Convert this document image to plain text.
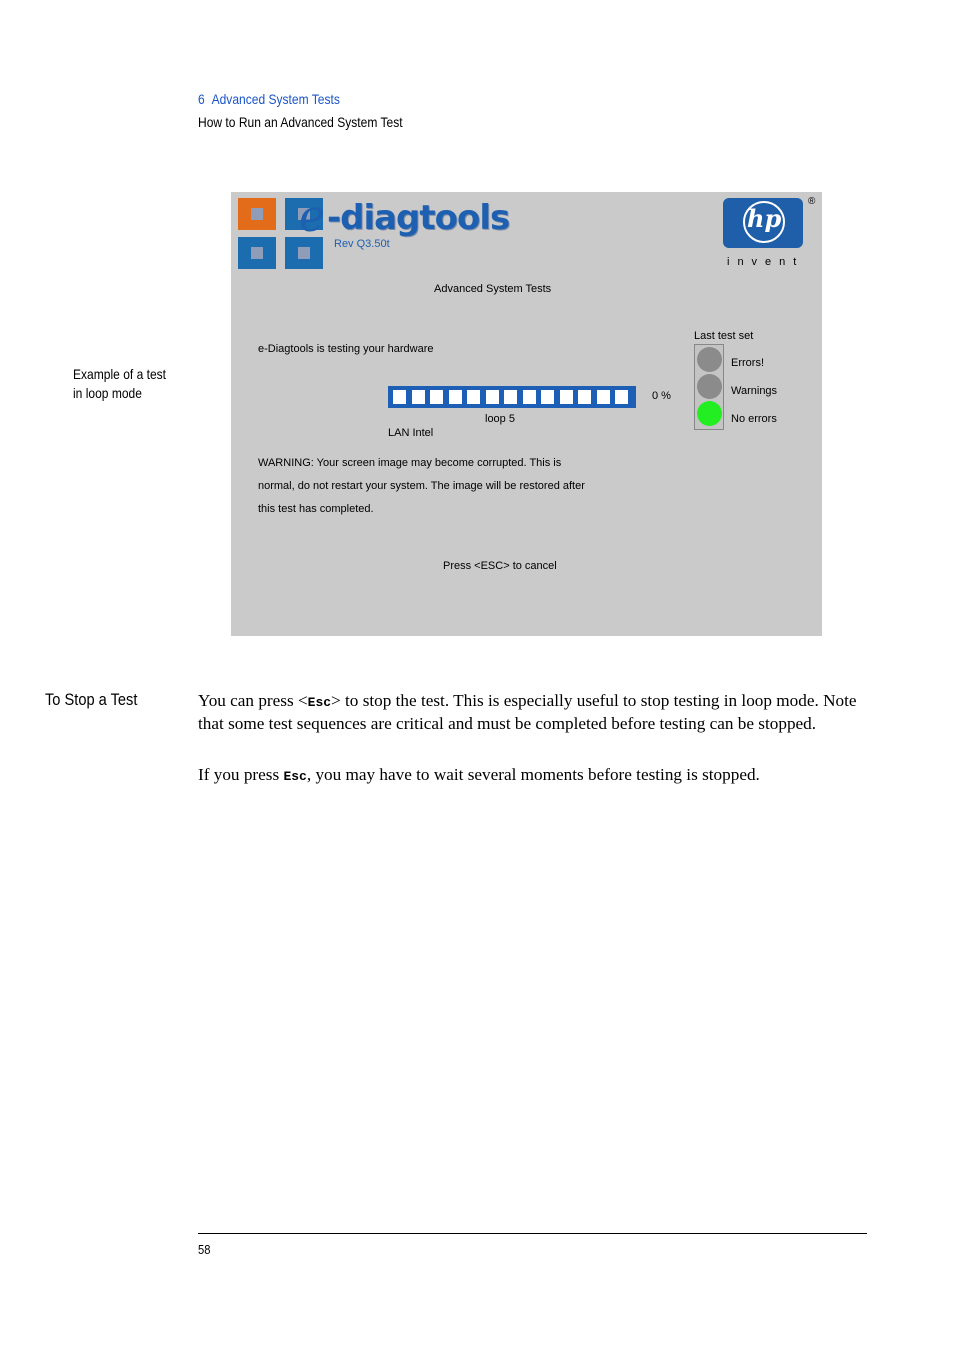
6 Advanced System Tests
How to Run an Advanced System Test
Example of a test
in loop mode
e -diagtools
Rev Q3.50t
hp
®
invent
Advanced System Tests
e-Diagtools is testing your hardware
0 %
loop 5
LAN Intel
WARNING: Your screen image may become corrupted. This is
normal, do not restart your system. The image will be restored after
this test has completed.
Press <ESC> to cancel
Last test set
Errors!
Warnings
No errors
To Stop a Test	You can press <Esc> to stop the test. This is especially useful to stop testing in loop mode. Note that some test sequences are critical and must be completed before testing can be stopped.
If you press Esc, you may have to wait several moments before testing is stopped.
58
